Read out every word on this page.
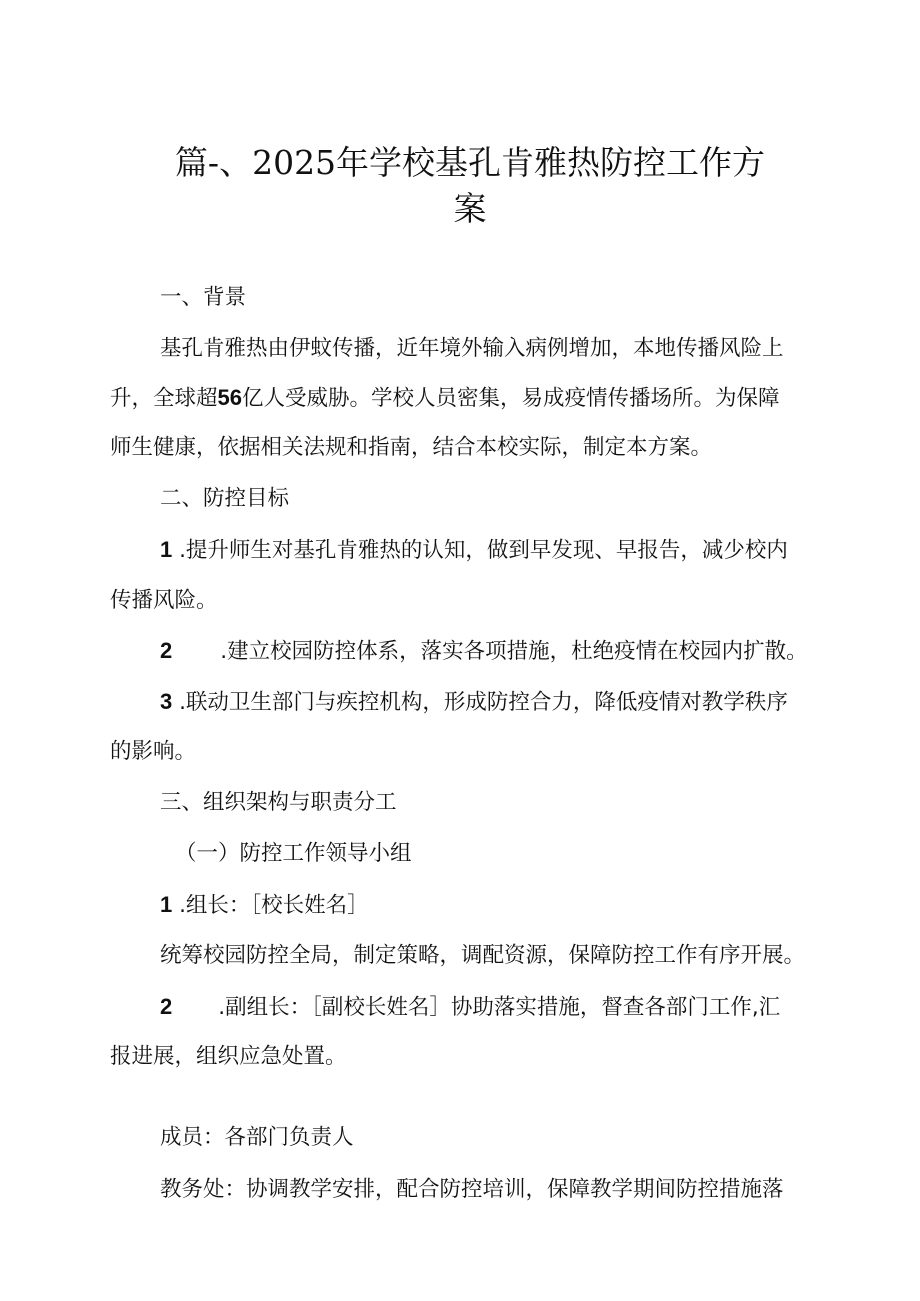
篇-、2025年学校基孔肯雅热防控工作方
案
一、背景
基孔肯雅热由伊蚊传播，近年境外输入病例增加，本地传播风险上
升，全球超56亿人受威胁。学校人员密集，易成疫情传播场所。为保障
师生健康，依据相关法规和指南，结合本校实际，制定本方案。
二、防控目标
1 .提升师生对基孔肯雅热的认知，做到早发现、早报告，减少校内
传播风险。
2 .建立校园防控体系，落实各项措施，杜绝疫情在校园内扩散。
3 .联动卫生部门与疾控机构，形成防控合力，降低疫情对教学秩序
的影响。
三、组织架构与职责分工
（一）防控工作领导小组
1 .组长：［校长姓名］
统筹校园防控全局，制定策略，调配资源，保障防控工作有序开展。
2 .副组长：［副校长姓名］协助落实措施，督查各部门工作,汇
报进展，组织应急处置。
成员：各部门负责人
教务处：协调教学安排，配合防控培训，保障教学期间防控措施落
